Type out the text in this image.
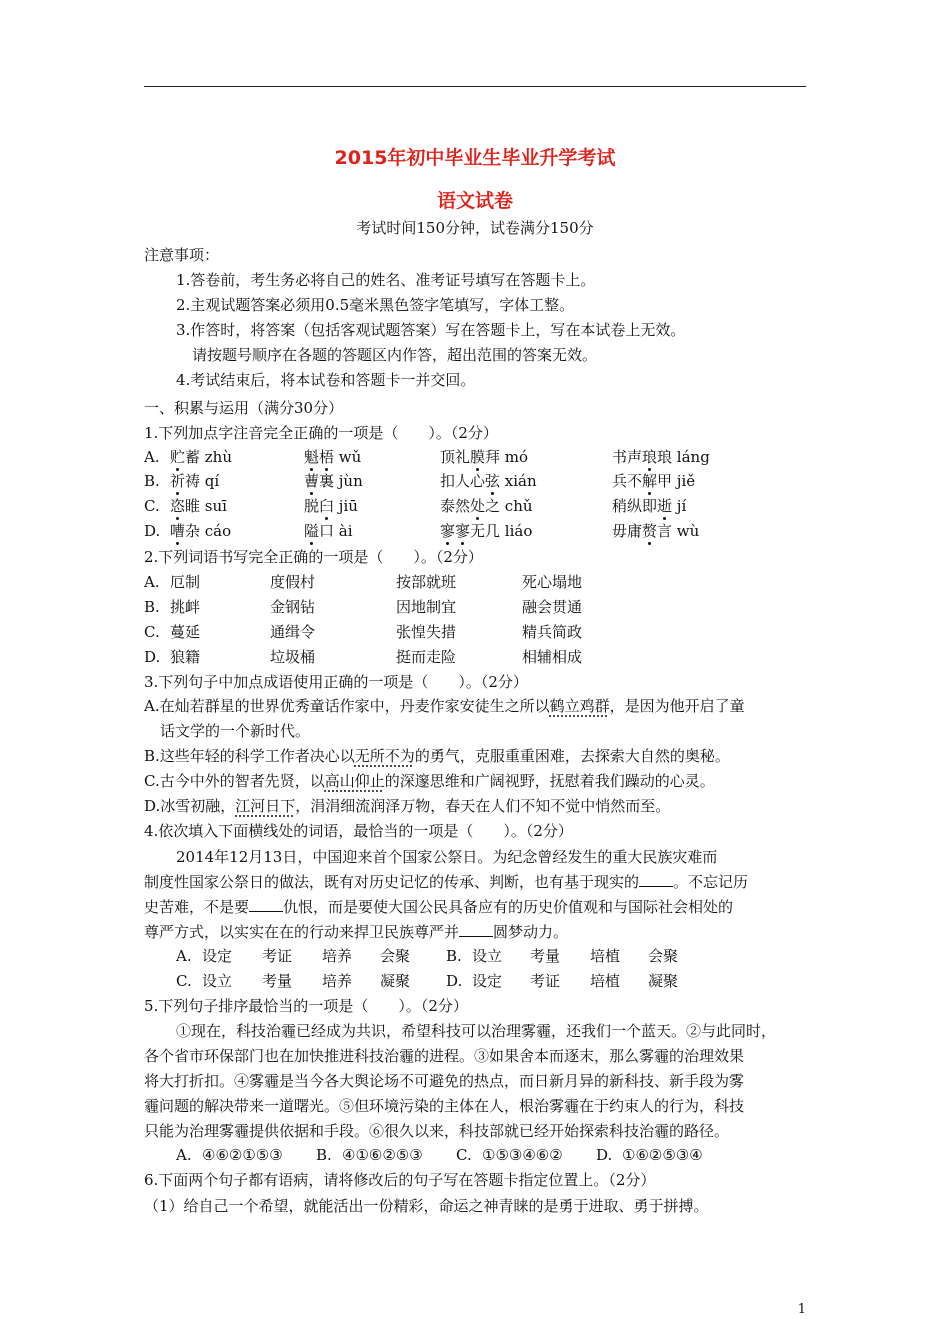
2015年初中毕业生毕业升学考试
语文试卷
考试时间150分钟，试卷满分150分
注意事项：
1.答卷前，考生务必将自己的姓名、准考证号填写在答题卡上。
2.主观试题答案必须用0.5毫米黑色签字笔填写，字体工整。
3.作答时，将答案（包括客观试题答案）写在答题卡上，写在本试卷上无效。
请按题号顺序在各题的答题区内作答，超出范围的答案无效。
4.考试结束后，将本试卷和答题卡一并交回。
一、积累与运用（满分30分）
1.下列加点字注音完全正确的一项是（　　）。（2分）
A. 贮蓄 zhù	魁梧 wǔ	顶礼膜拜 mó	书声琅琅 láng
B. 祈祷 qí	蓸裏 jùn	扣人心弦 xián	兵不解甲 jiě
C. 恣睢 suī	脱臼 jiū	泰然处之 chǔ	稍纵即逝 jí
D. 嘈杂 cáo	隘口 ài	寥寥无几 liáo	毋庸赘言 wù
2.下列词语书写完全正确的一项是（　　）。（2分）
A. 厄制	度假村	按部就班	死心塌地
B. 挑衅	金钢钻	因地制宜	融会贯通
C. 蔓延	通缉令	张惶失措	精兵简政
D. 狼籍	垃圾桶	挺而走险	相辅相成
3.下列句子中加点成语使用正确的一项是（　　）。（2分）
A.在灿若群星的世界优秀童话作家中，丹麦作家安徒生之所以鹤立鸡群，是因为他开启了童
话文学的一个新时代。
B.这些年轻的科学工作者决心以无所不为的勇气，克服重重困难，去探索大自然的奥秘。
C.古今中外的智者先贤，以高山仰止的深邃思维和广阔视野，抚慰着我们躁动的心灵。
D.冰雪初融，江河日下，涓涓细流润泽万物，春天在人们不知不觉中悄然而至。
4.依次填入下面横线处的词语，最恰当的一项是（　　）。（2分）
2014年12月13日，中国迎来首个国家公祭日。为纪念曾经发生的重大民族灾难而
制度性国家公祭日的做法，既有对历史记忆的传承、判断，也有基于现实的 。不忘记历
史苦难，不是要 仇恨，而是要使大国公民具备应有的历史价值观和与国际社会相处的
尊严方式，以实实在在的行动来捍卫民族尊严并 圆梦动力。
A. 设定 考证 培养 会聚 B. 设立 考量 培植 会聚
C. 设立 考量 培养 凝聚 D. 设定 考证 培植 凝聚
5.下列句子排序最恰当的一项是（　　）。（2分）
①现在，科技治霾已经成为共识，希望科技可以治理雾霾，还我们一个蓝天。②与此同时，
各个省市环保部门也在加快推进科技治霾的进程。③如果舍本而逐末，那么雾霾的治理效果
将大打折扣。④雾霾是当今各大舆论场不可避免的热点，而日新月异的新科技、新手段为雾
霾问题的解决带来一道曙光。⑤但环境污染的主体在人，根治雾霾在于约束人的行为，科技
只能为治理雾霾提供依据和手段。⑥很久以来，科技部就已经开始探索科技治霾的路径。
A. ④⑥②①⑤③ B. ④①⑥②⑤③ C. ①⑤③④⑥② D. ①⑥②⑤③④
6.下面两个句子都有语病，请将修改后的句子写在答题卡指定位置上。（2分）
（1）给自己一个希望，就能活出一份精彩，命运之神青睐的是勇于进取、勇于拼搏。
1
